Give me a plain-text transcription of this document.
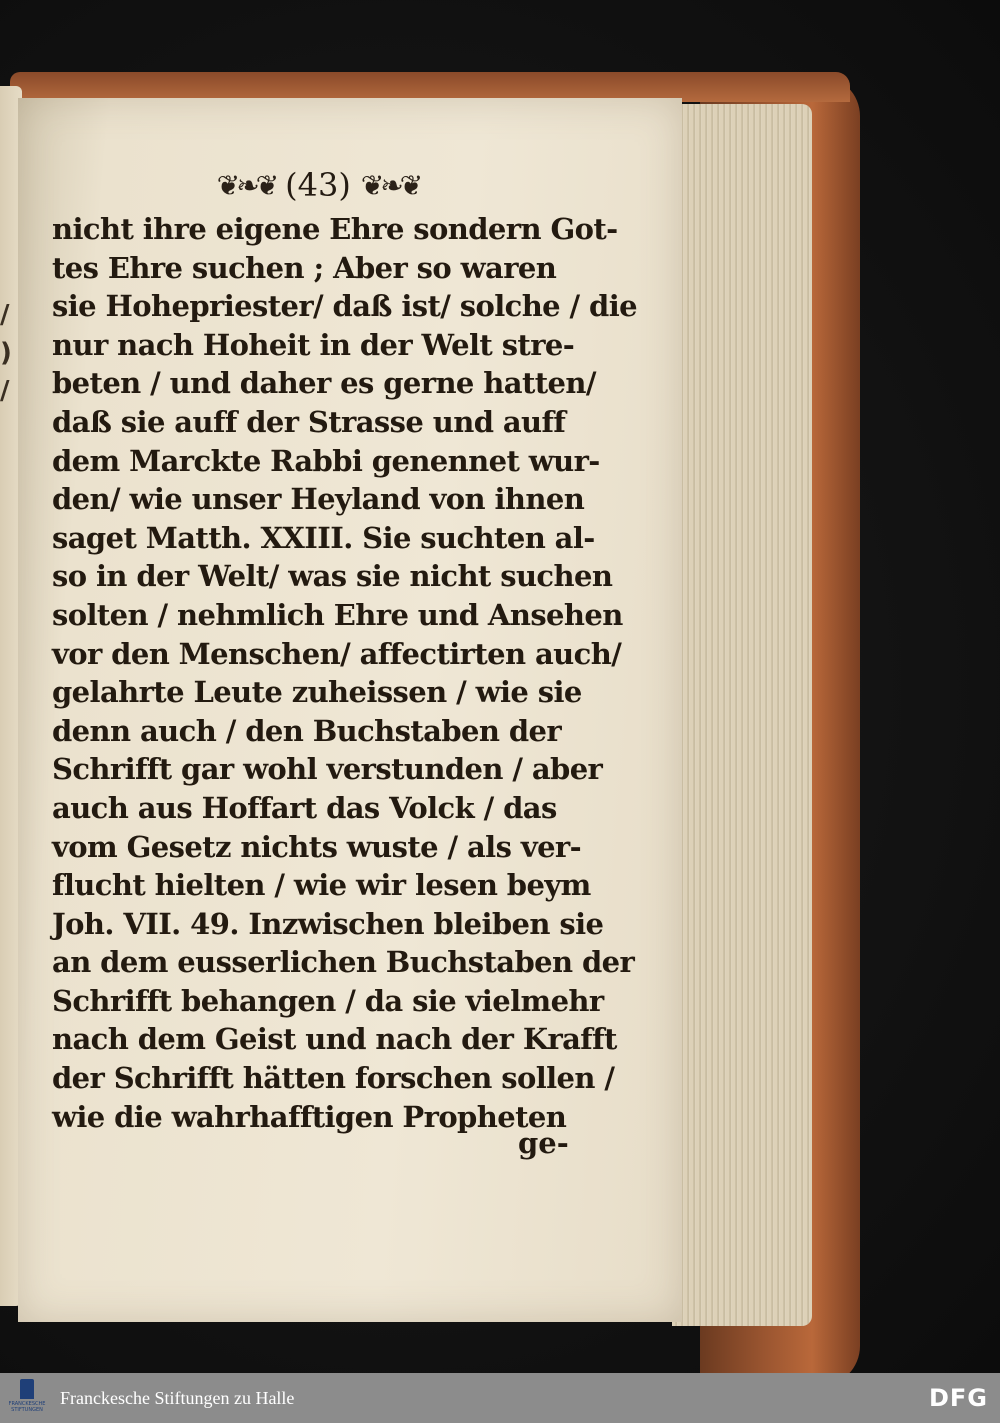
/
)
/
❦❧❦ (43) ❦❧❦
nicht ihre eigene Ehre sondern Got-
tes Ehre suchen ; Aber so waren
sie Hohepriester/ daß ist/ solche / die
nur nach Hoheit in der Welt stre-
beten / und daher es gerne hatten/
daß sie auff der Strasse und auff
dem Marckte Rabbi genennet wur-
den/ wie unser Heyland von ihnen
saget Matth. XXIII. Sie suchten al-
so in der Welt/ was sie nicht suchen
solten / nehmlich Ehre und Ansehen
vor den Menschen/ affectirten auch/
gelahrte Leute zuheissen / wie sie
denn auch / den Buchstaben der
Schrifft gar wohl verstunden / aber
auch aus Hoffart das Volck / das
vom Gesetz nichts wuste / als ver-
flucht hielten / wie wir lesen beym
Joh. VII. 49. Inzwischen bleiben sie
an dem eusserlichen Buchstaben der
Schrifft behangen / da sie vielmehr
nach dem Geist und nach der Krafft
der Schrifft hätten forschen sollen /
wie die wahrhafftigen Propheten
ge-
FRANCKESCHE STIFTUNGEN
Franckesche Stiftungen zu Halle	DFG
